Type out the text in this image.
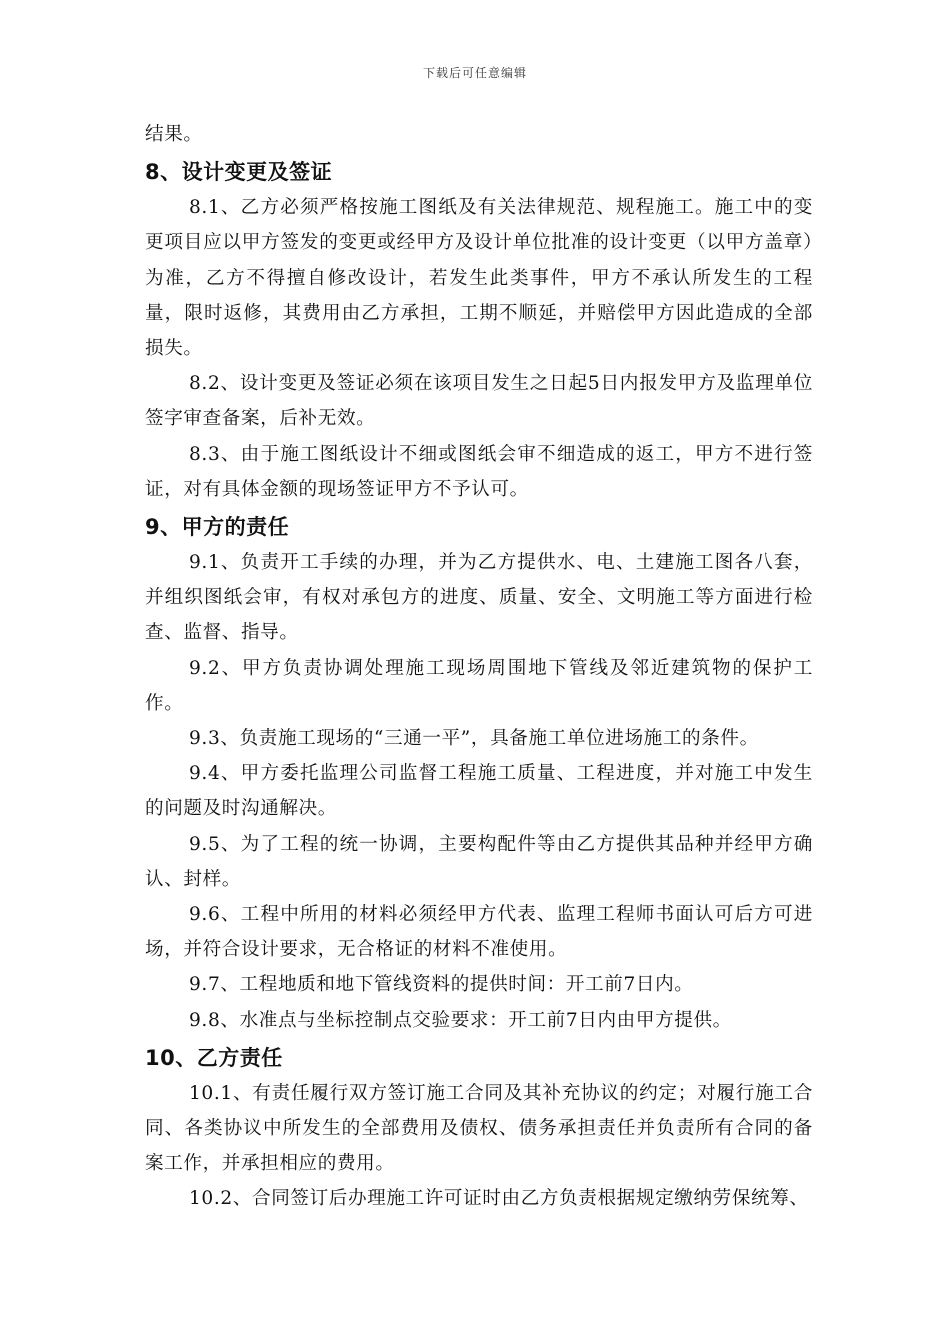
下载后可任意编辑

结果。

8、设计变更及签证

8.1、乙方必须严格按施工图纸及有关法律规范、规程施工。施工中的变更项目应以甲方签发的变更或经甲方及设计单位批准的设计变更（以甲方盖章）为准，乙方不得擅自修改设计，若发生此类事件，甲方不承认所发生的工程量，限时返修，其费用由乙方承担，工期不顺延，并赔偿甲方因此造成的全部损失。

8.2、设计变更及签证必须在该项目发生之日起5日内报发甲方及监理单位签字审查备案，后补无效。

8.3、由于施工图纸设计不细或图纸会审不细造成的返工，甲方不进行签证，对有具体金额的现场签证甲方不予认可。

9、甲方的责任

9.1、负责开工手续的办理，并为乙方提供水、电、土建施工图各八套，并组织图纸会审，有权对承包方的进度、质量、安全、文明施工等方面进行检查、监督、指导。

9.2、甲方负责协调处理施工现场周围地下管线及邻近建筑物的保护工作。

9.3、负责施工现场的“三通一平”，具备施工单位进场施工的条件。

9.4、甲方委托监理公司监督工程施工质量、工程进度，并对施工中发生的问题及时沟通解决。

9.5、为了工程的统一协调，主要构配件等由乙方提供其品种并经甲方确认、封样。

9.6、工程中所用的材料必须经甲方代表、监理工程师书面认可后方可进场，并符合设计要求，无合格证的材料不准使用。

9.7、工程地质和地下管线资料的提供时间：开工前7日内。

9.8、水准点与坐标控制点交验要求：开工前7日内由甲方提供。

10、乙方责任

10.1、有责任履行双方签订施工合同及其补充协议的约定；对履行施工合同、各类协议中所发生的全部费用及债权、债务承担责任并负责所有合同的备案工作，并承担相应的费用。

10.2、合同签订后办理施工许可证时由乙方负责根据规定缴纳劳保统筹、
